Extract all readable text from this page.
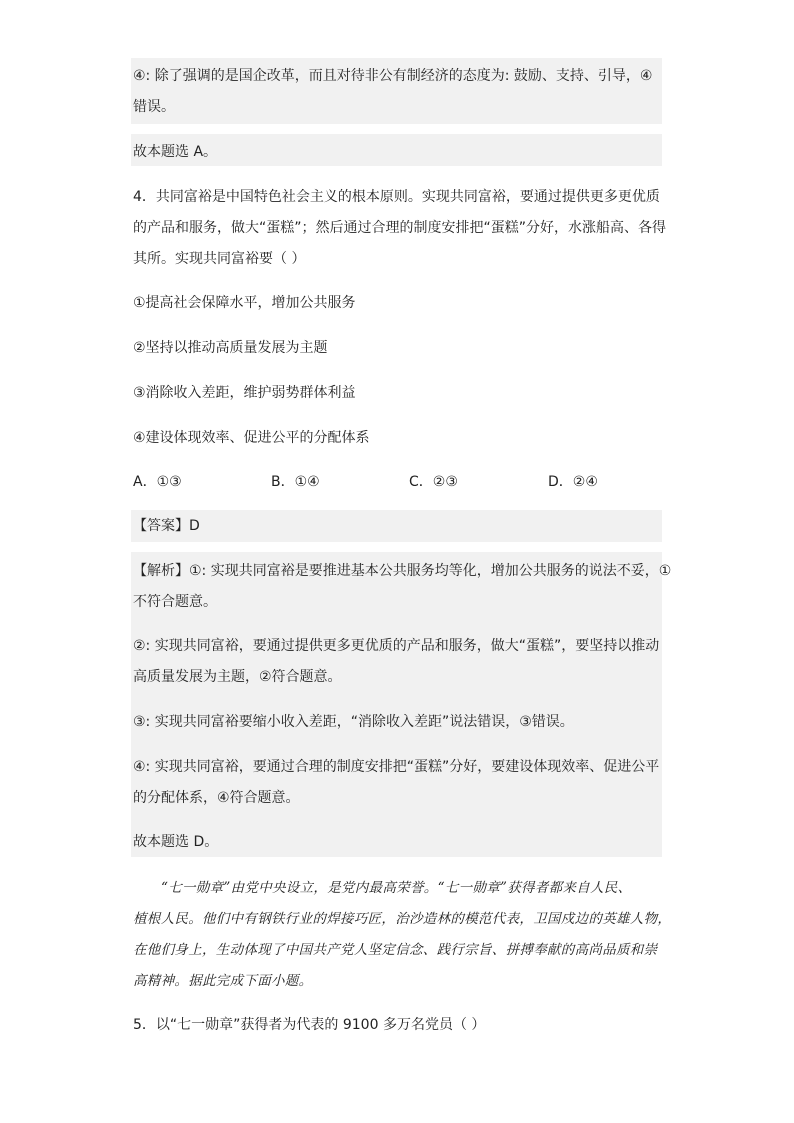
④: 除了强调的是国企改革，而且对待非公有制经济的态度为: 鼓励、支持、引导，④
错误。
故本题选 A。
4．共同富裕是中国特色社会主义的根本原则。实现共同富裕，要通过提供更多更优质
的产品和服务，做大“蛋糕”；然后通过合理的制度安排把“蛋糕”分好，水涨船高、各得
其所。实现共同富裕要（ ）
①提高社会保障水平，增加公共服务
②坚持以推动高质量发展为主题
③消除收入差距，维护弱势群体利益
④建设体现效率、促进公平的分配体系
A．①③	B．①④	C．②③	D．②④
【答案】D
【解析】①: 实现共同富裕是要推进基本公共服务均等化，增加公共服务的说法不妥，①
不符合题意。
②: 实现共同富裕，要通过提供更多更优质的产品和服务，做大“蛋糕”，要坚持以推动
高质量发展为主题，②符合题意。
③: 实现共同富裕要缩小收入差距，“消除收入差距”说法错误，③错误。
④: 实现共同富裕，要通过合理的制度安排把“蛋糕”分好，要建设体现效率、促进公平
的分配体系，④符合题意。
故本题选 D。
“七一勋章”由党中央设立，是党内最高荣誉。“七一勋章”获得者都来自人民、
植根人民。他们中有钢铁行业的焊接巧匠，治沙造林的模范代表，卫国戍边的英雄人物，
在他们身上，生动体现了中国共产党人坚定信念、践行宗旨、拼搏奉献的高尚品质和崇
高精神。据此完成下面小题。
5．以“七一勋章”获得者为代表的 9100 多万名党员（ ）
